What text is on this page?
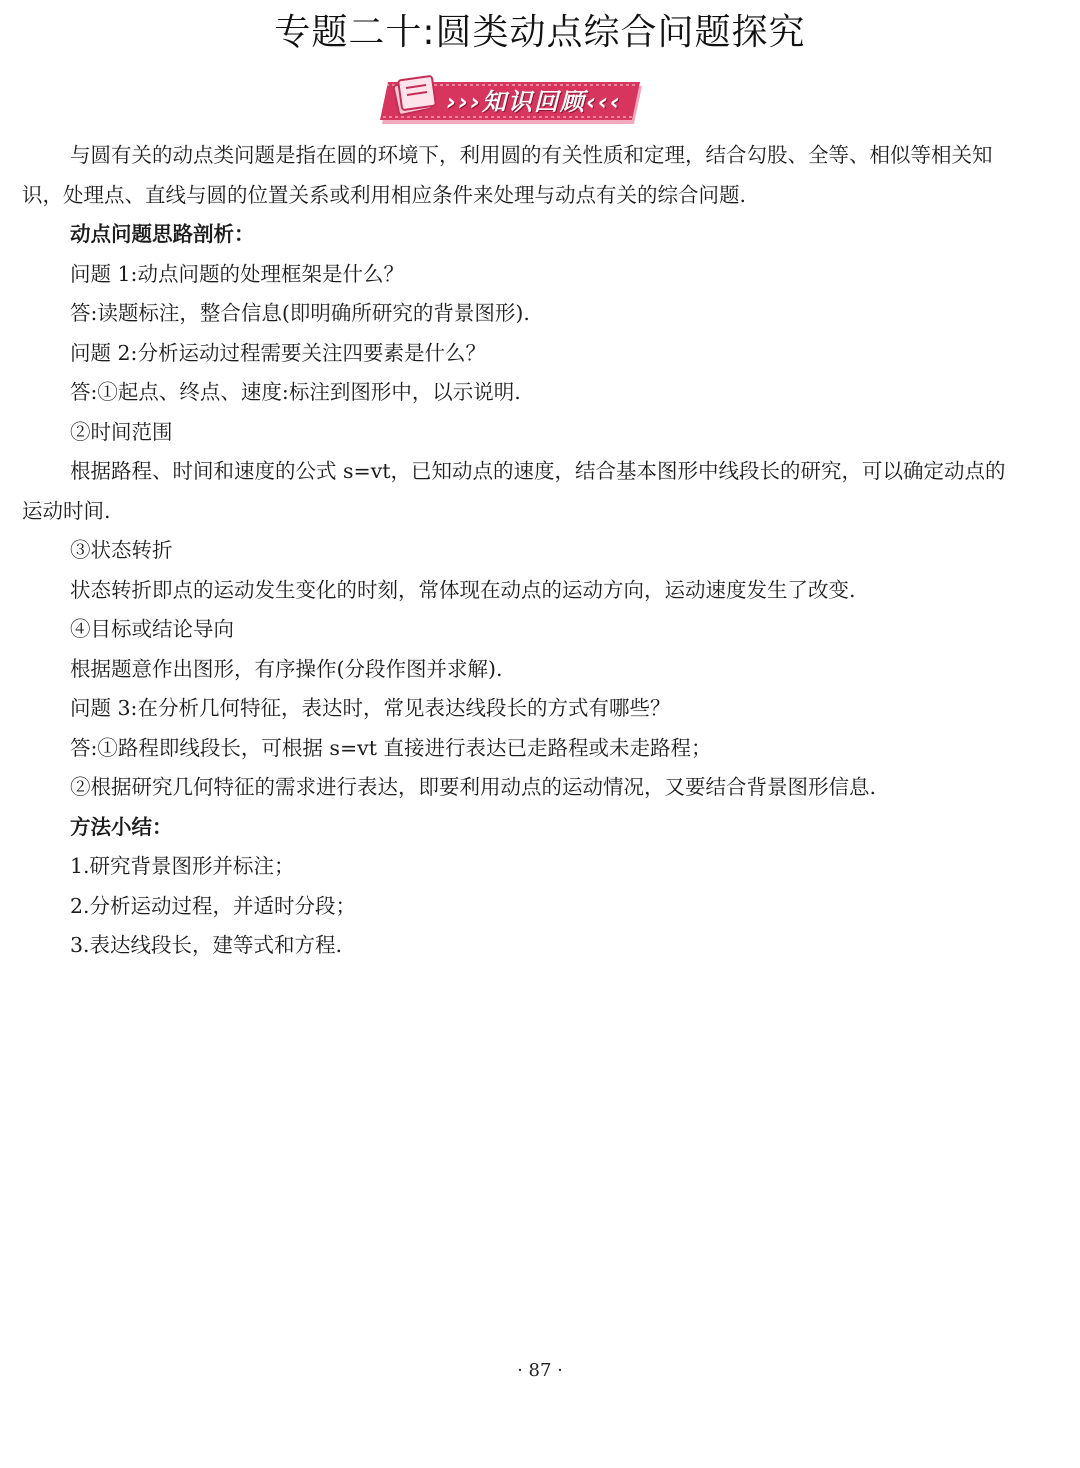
专题二十:圆类动点综合问题探究
›››知识回顾‹‹‹

与圆有关的动点类问题是指在圆的环境下，利用圆的有关性质和定理，结合勾股、全等、相似等相关知识，处理点、直线与圆的位置关系或利用相应条件来处理与动点有关的综合问题.

动点问题思路剖析：

问题 1:动点问题的处理框架是什么？

答:读题标注，整合信息(即明确所研究的背景图形).

问题 2:分析运动过程需要关注四要素是什么？

答:①起点、终点、速度:标注到图形中，以示说明.

②时间范围

根据路程、时间和速度的公式 s=vt，已知动点的速度，结合基本图形中线段长的研究，可以确定动点的运动时间.

③状态转折

状态转折即点的运动发生变化的时刻，常体现在动点的运动方向，运动速度发生了改变.

④目标或结论导向

根据题意作出图形，有序操作(分段作图并求解).

问题 3:在分析几何特征，表达时，常见表达线段长的方式有哪些？

答:①路程即线段长，可根据 s=vt 直接进行表达已走路程或未走路程；

②根据研究几何特征的需求进行表达，即要利用动点的运动情况，又要结合背景图形信息.

方法小结：

1.研究背景图形并标注；

2.分析运动过程，并适时分段；

3.表达线段长，建等式和方程.

· 87 ·
